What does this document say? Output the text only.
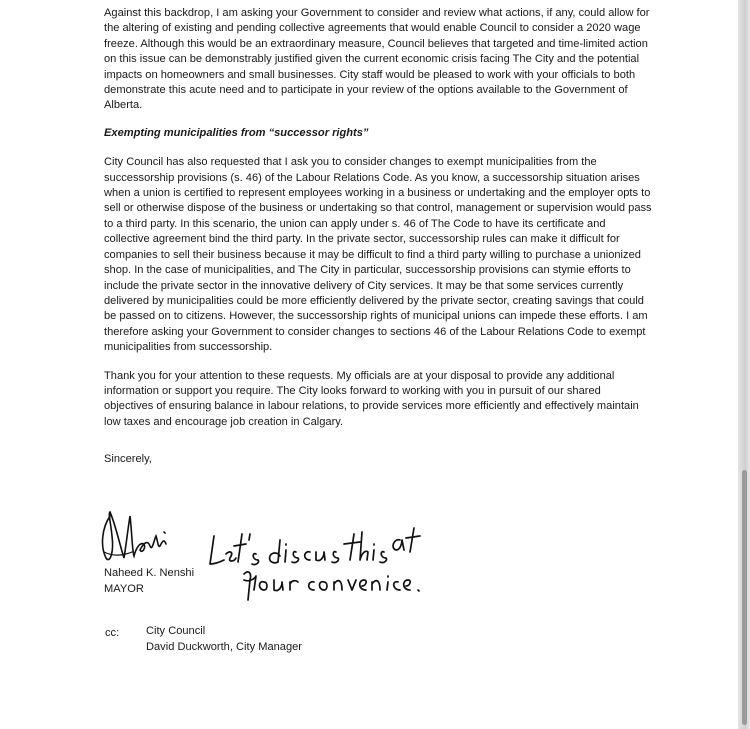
Against this backdrop, I am asking your Government to consider and review what actions, if any, could allow for the altering of existing and pending collective agreements that would enable Council to consider a 2020 wage freeze. Although this would be an extraordinary measure, Council believes that targeted and time-limited action on this issue can be demonstrably justified given the current economic crisis facing The City and the potential impacts on homeowners and small businesses. City staff would be pleased to work with your officials to both demonstrate this acute need and to participate in your review of the options available to the Government of Alberta.

Exempting municipalities from “successor rights”

City Council has also requested that I ask you to consider changes to exempt municipalities from the successorship provisions (s. 46) of the Labour Relations Code. As you know, a successorship situation arises when a union is certified to represent employees working in a business or undertaking and the employer opts to sell or otherwise dispose of the business or undertaking so that control, management or supervision would pass to a third party. In this scenario, the union can apply under s. 46 of The Code to have its certificate and collective agreement bind the third party. In the private sector, successorship rules can make it difficult for companies to sell their business because it may be difficult to find a third party willing to purchase a unionized shop. In the case of municipalities, and The City in particular, successorship provisions can stymie efforts to include the private sector in the innovative delivery of City services. It may be that some services currently delivered by municipalities could be more efficiently delivered by the private sector, creating savings that could be passed on to citizens. However, the successorship rights of municipal unions can impede these efforts. I am therefore asking your Government to consider changes to sections 46 of the Labour Relations Code to exempt municipalities from successorship.

Thank you for your attention to these requests. My officials are at your disposal to provide any additional information or support you require. The City looks forward to working with you in pursuit of our shared objectives of ensuring balance in labour relations, to provide services more efficiently and effectively maintain low taxes and encourage job creation in Calgary.

Sincerely,

Naheed K. Nenshi
MAYOR
cc: City Council
David Duckworth, City Manager
